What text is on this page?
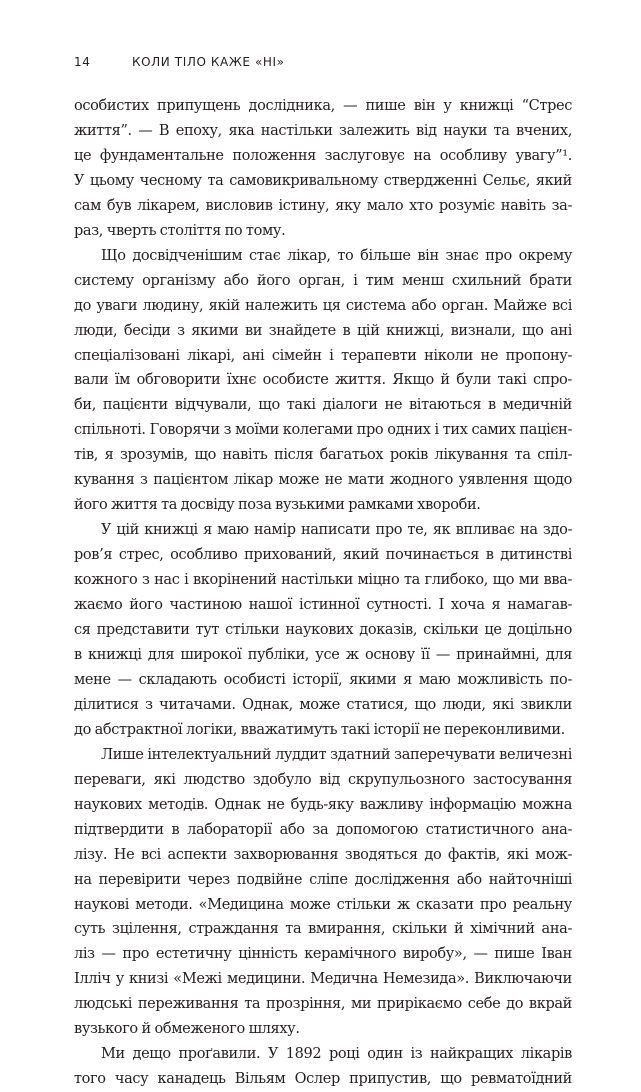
14	КОЛИ ТІЛО КАЖЕ «НІ»

особистих припущень дослідника, — пише він у книжці “Стрес
життя”. — В епоху, яка настільки залежить від науки та вчених,
це фундаментальне положення заслуговує на особливу увагу”¹.
У цьому чесному та самовикривальному ствердженні Сельє, який
сам був лікарем, висловив істину, яку мало хто розуміє навіть за-
раз, чверть століття по тому.

Що досвідченішим стає лікар, то більше він знає про окрему
систему організму або його орган, і тим менш схильний брати
до уваги людину, якій належить ця система або орган. Майже всі
люди, бесіди з якими ви знайдете в цій книжці, визнали, що ані
спеціалізовані лікарі, ані сімейн і терапевти ніколи не пропону-
вали їм обговорити їхнє особисте життя. Якщо й були такі спро-
би, пацієнти відчували, що такі діалоги не вітаються в медичній
спільноті. Говорячи з моїми колегами про одних і тих самих пацієн-
тів, я зрозумів, що навіть після багатьох років лікування та спіл-
кування з пацієнтом лікар може не мати жодного уявлення щодо
його життя та досвіду поза вузькими рамками хвороби.

У цій книжці я маю намір написати про те, як впливає на здо-
ров’я стрес, особливо прихований, який починається в дитинстві
кожного з нас і вкорінений настільки міцно та глибоко, що ми вва-
жаємо його частиною нашої істинної сутності. І хоча я намагав-
ся представити тут стільки наукових доказів, скільки це доцільно
в книжці для широкої публіки, усе ж основу її — принаймні, для
мене — складають особисті історії, якими я маю можливість по-
ділитися з читачами. Однак, може статися, що люди, які звикли
до абстрактної логіки, вважатимуть такі історії не переконливими.

Лише інтелектуальний луддит здатний заперечувати величезні
переваги, які людство здобуло від скрупульозного застосування
наукових методів. Однак не будь-яку важливу інформацію можна
підтвердити в лабораторії або за допомогою статистичного ана-
лізу. Не всі аспекти захворювання зводяться до фактів, які мож-
на перевірити через подвійне сліпе дослідження або найточніші
наукові методи. «Медицина може стільки ж сказати про реальну
суть зцілення, страждання та вмирання, скільки й хімічний ана-
ліз — про естетичну цінність керамічного виробу», — пише Іван
Ілліч у книзі «Межі медицини. Медична Немезида». Виключаючи
людські переживання та прозріння, ми прирікаємо себе до вкрай
вузького й обмеженого шляху.

Ми дещо проґавили. У 1892 році один із найкращих лікарів
того часу канадець Вільям Ослер припустив, що ревматоїдний
